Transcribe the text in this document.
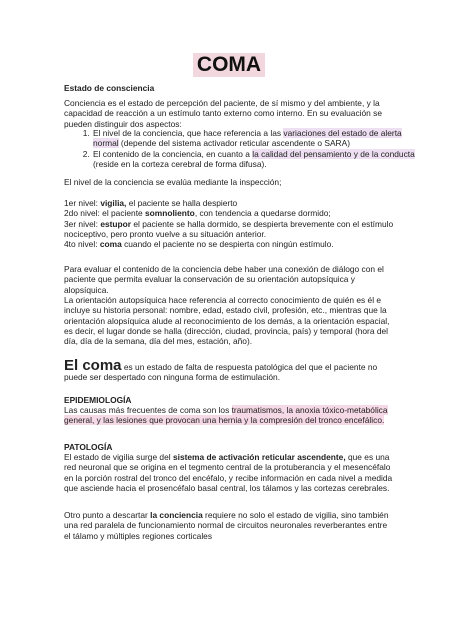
COMA

Estado de consciencia

Conciencia es el estado de percepción del paciente, de sí mismo y del ambiente, y la capacidad de reacción a un estímulo tanto externo como interno. En su evaluación se pueden distinguir dos aspectos:

1. El nivel de la conciencia, que hace referencia a las variaciones del estado de alerta normal (depende del sistema activador reticular ascendente o SARA)
2. El contenido de la conciencia, en cuanto a la calidad del pensamiento y de la conducta (reside en la corteza cerebral de forma difusa).

El nivel de la conciencia se evalúa mediante la inspección;

1er nivel: vigilia, el paciente se halla despierto
2do nivel: el paciente somnoliento, con tendencia a quedarse dormido;
3er nivel: estupor el paciente se halla dormido, se despierta brevemente con el estímulo nociceptivo, pero pronto vuelve a su situación anterior.
4to nivel: coma cuando el paciente no se despierta con ningún estímulo.

Para evaluar el contenido de la conciencia debe haber una conexión de diálogo con el paciente que permita evaluar la conservación de su orientación autopsíquica y alopsíquica.

La orientación autopsíquica hace referencia al correcto conocimiento de quién es él e incluye su historia personal: nombre, edad, estado civil, profesión, etc., mientras que la orientación alopsíquica alude al reconocimiento de los demás, a la orientación espacial, es decir, el lugar donde se halla (dirección, ciudad, provincia, país) y temporal (hora del día, día de la semana, día del mes, estación, año).

El coma es un estado de falta de respuesta patológica del que el paciente no puede ser despertado con ninguna forma de estimulación.

EPIDEMIOLOGÍA

Las causas más frecuentes de coma son los traumatismos, la anoxia tóxico-metabólica general, y las lesiones que provocan una hernia y la compresión del tronco encefálico.

PATOLOGÍA

El estado de vigilia surge del sistema de activación reticular ascendente, que es una red neuronal que se origina en el tegmento central de la protuberancia y el mesencéfalo en la porción rostral del tronco del encéfalo, y recibe información en cada nivel a medida que asciende hacia el prosencéfalo basal central, los tálamos y las cortezas cerebrales.

Otro punto a descartar la conciencia requiere no solo el estado de vigilia, sino también una red paralela de funcionamiento normal de circuitos neuronales reverberantes entre el tálamo y múltiples regiones corticales
